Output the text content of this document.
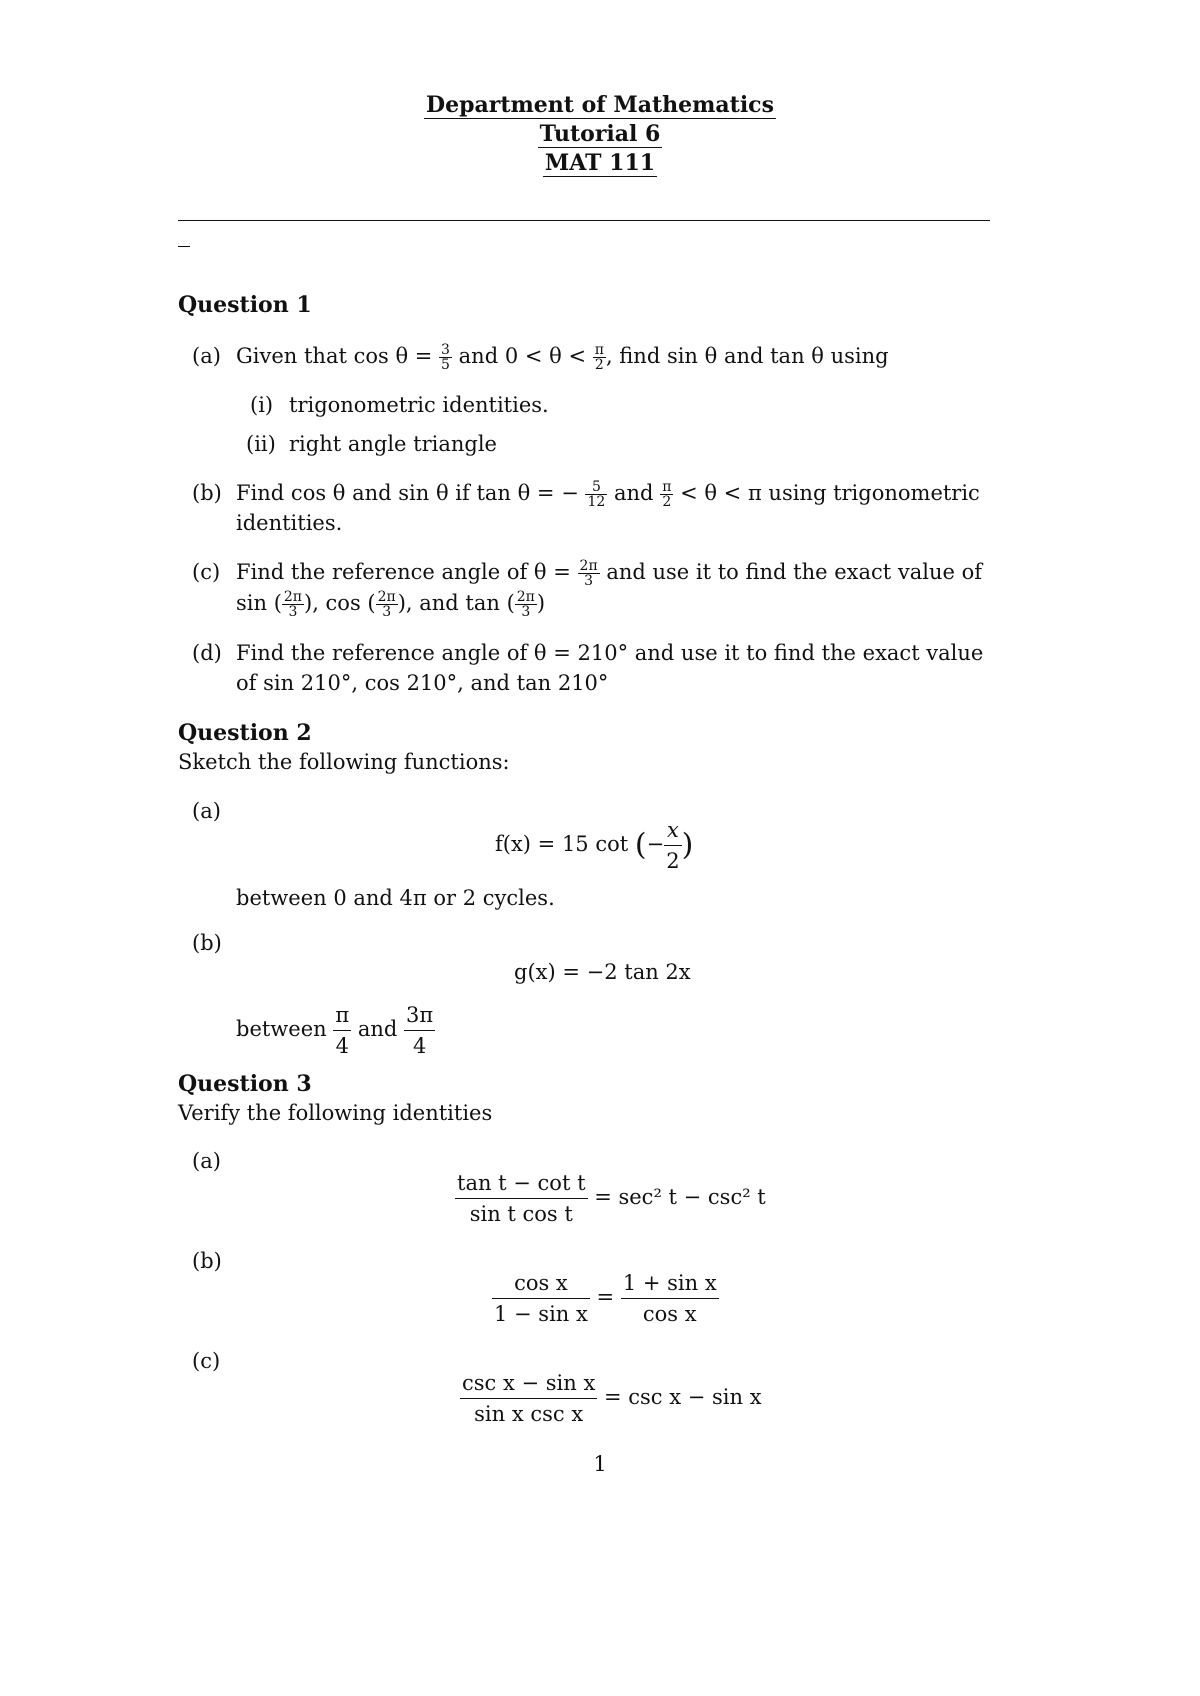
Department of Mathematics
Tutorial 6
MAT 111
Question 1
(a) Given that $\cos \theta = \frac{3}{5}$ and $0 < \theta < \frac{\pi}{2}$ , find sin θ and tan θ using
(i) trigonometric identities.
(ii) right angle triangle
(b) Find cos θ and sin θ if tan θ = − $\frac{5}{12}$ and $\frac{\pi}{2} < \theta < \pi$ using trigonometric
identities.
(c) Find the reference angle of $\theta = \frac{2\pi}{3}$ and use it to find the exact value of
sin ( $\frac{2\pi}{3}$ ), cos ( $\frac{2\pi}{3}$ ), and tan ( $\frac{2\pi}{3}$ )
(d) Find the reference angle of θ = 210° and use it to find the exact value
of sin 210°, cos 210°, and tan 210°
Question 2
Sketch the following functions:
(a)
f(x) = 15 cot (− $\frac{x}{2}$ )
between 0 and 4π or 2 cycles.
(b)
g(x) = −2 tan 2x
between $\frac{\pi}{4}$ and $\frac{3\pi}{4}$
Question 3
Verify the following identities
(a)
$\frac{\text{tan t − cot t}}{\text{sin t cos t}} = \sec^2$ t − csc² t
(b)
$\frac{\text{cos x}}{\text{1 − sin x}} = \frac{\text{1 + sin x}}{\text{cos x}}$
(c)
$\frac{\text{csc x − sin x}}{\text{sin x csc x}} = \csc x - \sin x$
1
